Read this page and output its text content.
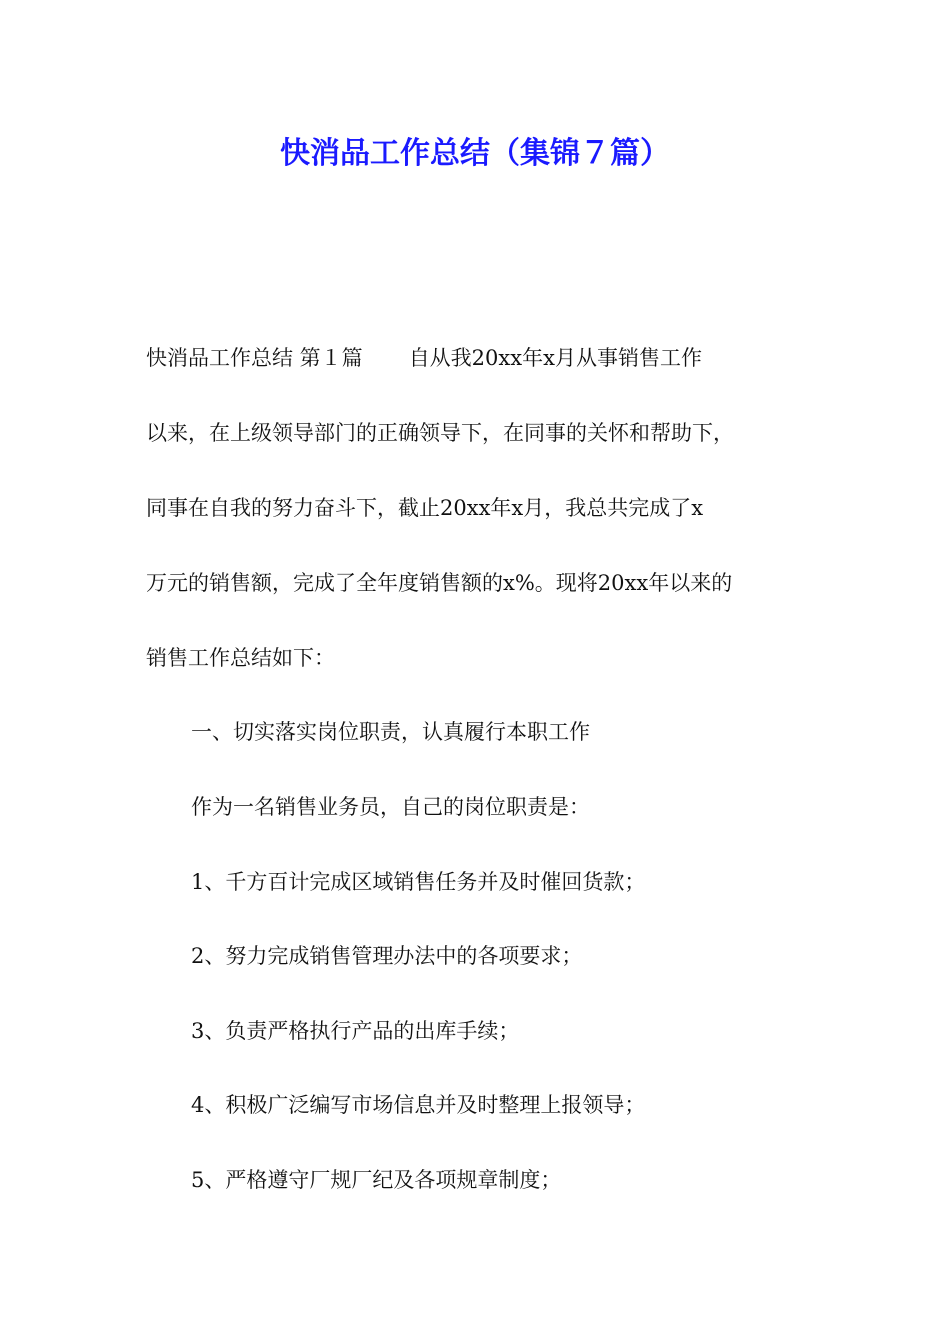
快消品工作总结（集锦７篇）

快消品工作总结 第１篇 自从我20xx年x月从事销售工作

以来，在上级领导部门的正确领导下，在同事的关怀和帮助下，

同事在自我的努力奋斗下，截止20xx年x月，我总共完成了x

万元的销售额，完成了全年度销售额的x%。现将20xx年以来的

销售工作总结如下：

一、切实落实岗位职责，认真履行本职工作

作为一名销售业务员，自己的岗位职责是：

1、千方百计完成区域销售任务并及时催回货款；

2、努力完成销售管理办法中的各项要求；

3、负责严格执行产品的出库手续；

4、积极广泛编写市场信息并及时整理上报领导；

5、严格遵守厂规厂纪及各项规章制度；
